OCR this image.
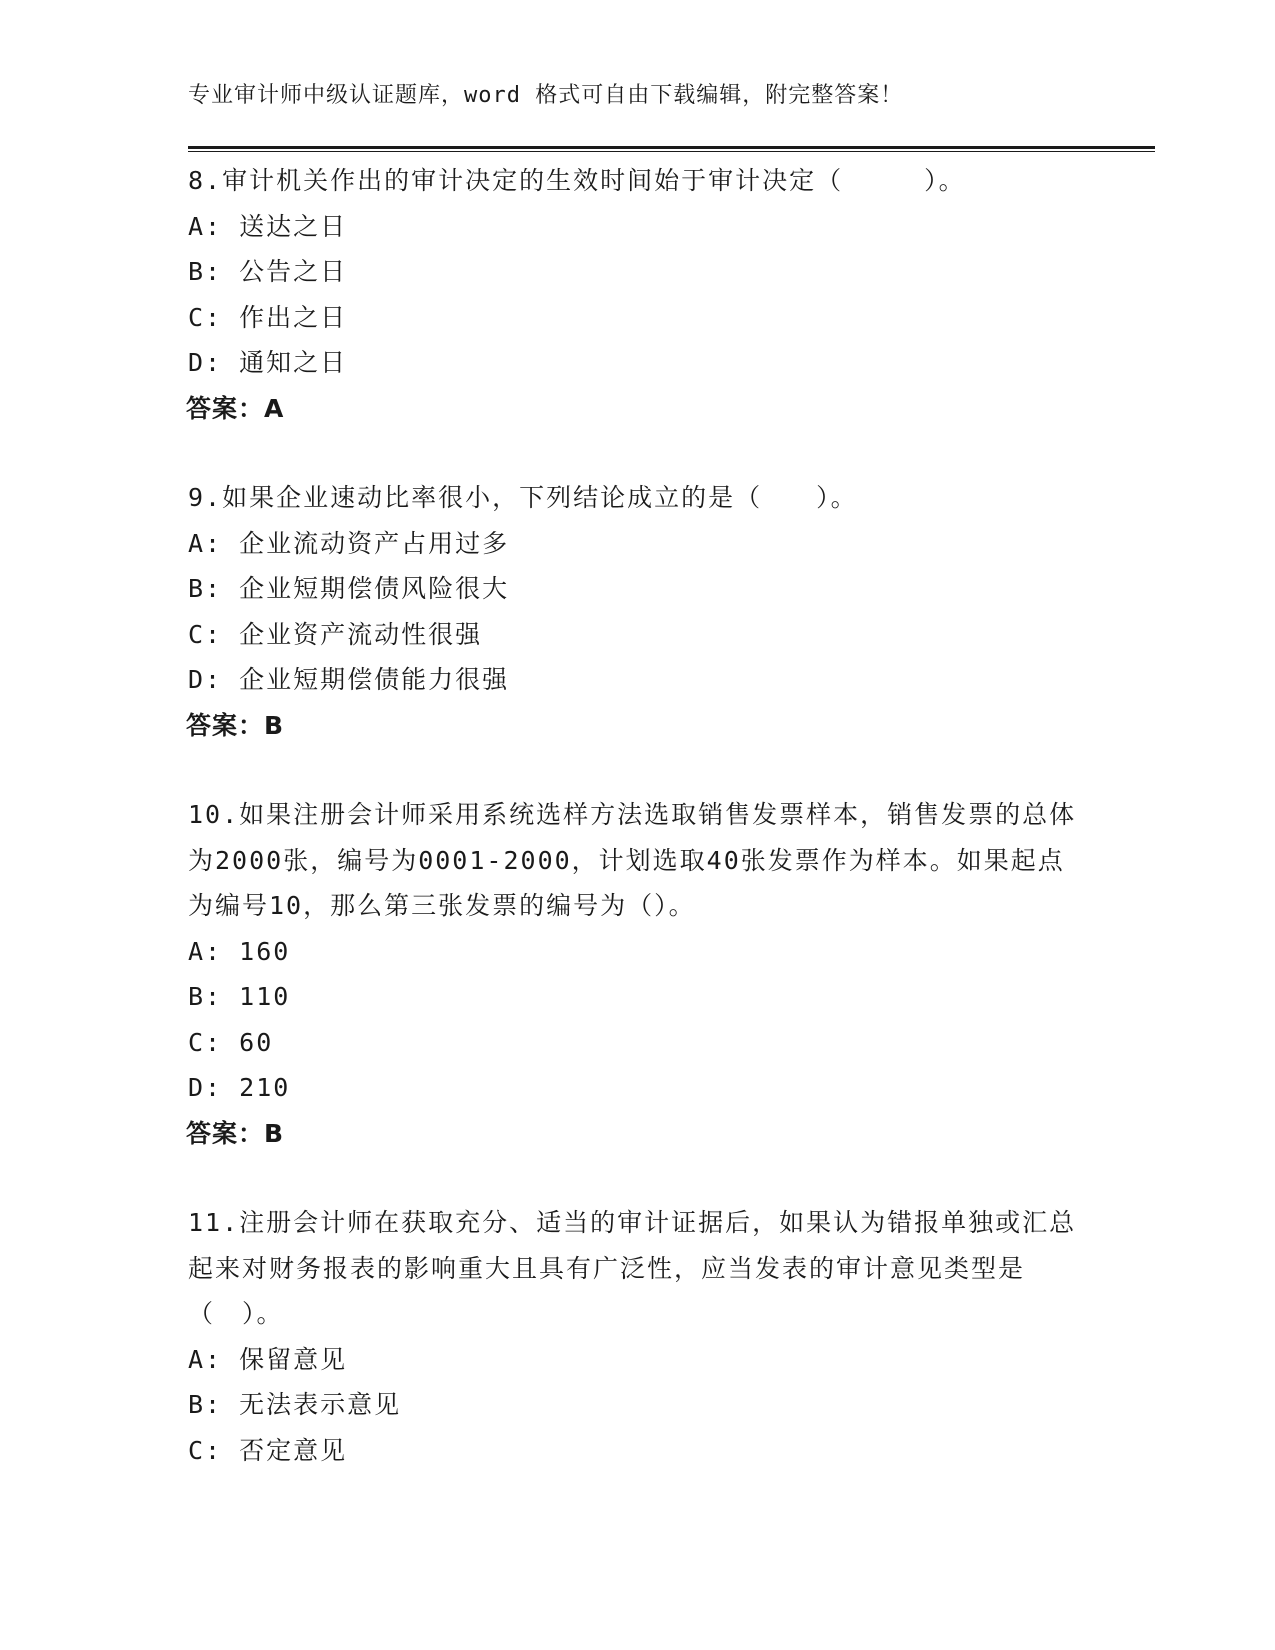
专业审计师中级认证题库，word 格式可自由下载编辑，附完整答案！

8.审计机关作出的审计决定的生效时间始于审计决定（　　　）。

A: 送达之日

B: 公告之日

C: 作出之日

D: 通知之日

答案：A

9.如果企业速动比率很小，下列结论成立的是（　　）。

A: 企业流动资产占用过多

B: 企业短期偿债风险很大

C: 企业资产流动性很强

D: 企业短期偿债能力很强

答案：B

10.如果注册会计师采用系统选样方法选取销售发票样本，销售发票的总体为2000张，编号为0001-2000，计划选取40张发票作为样本。如果起点为编号10，那么第三张发票的编号为（）。

A: 160

B: 110

C: 60

D: 210

答案：B

11.注册会计师在获取充分、适当的审计证据后，如果认为错报单独或汇总起来对财务报表的影响重大且具有广泛性，应当发表的审计意见类型是（　）。

A: 保留意见

B: 无法表示意见

C: 否定意见
